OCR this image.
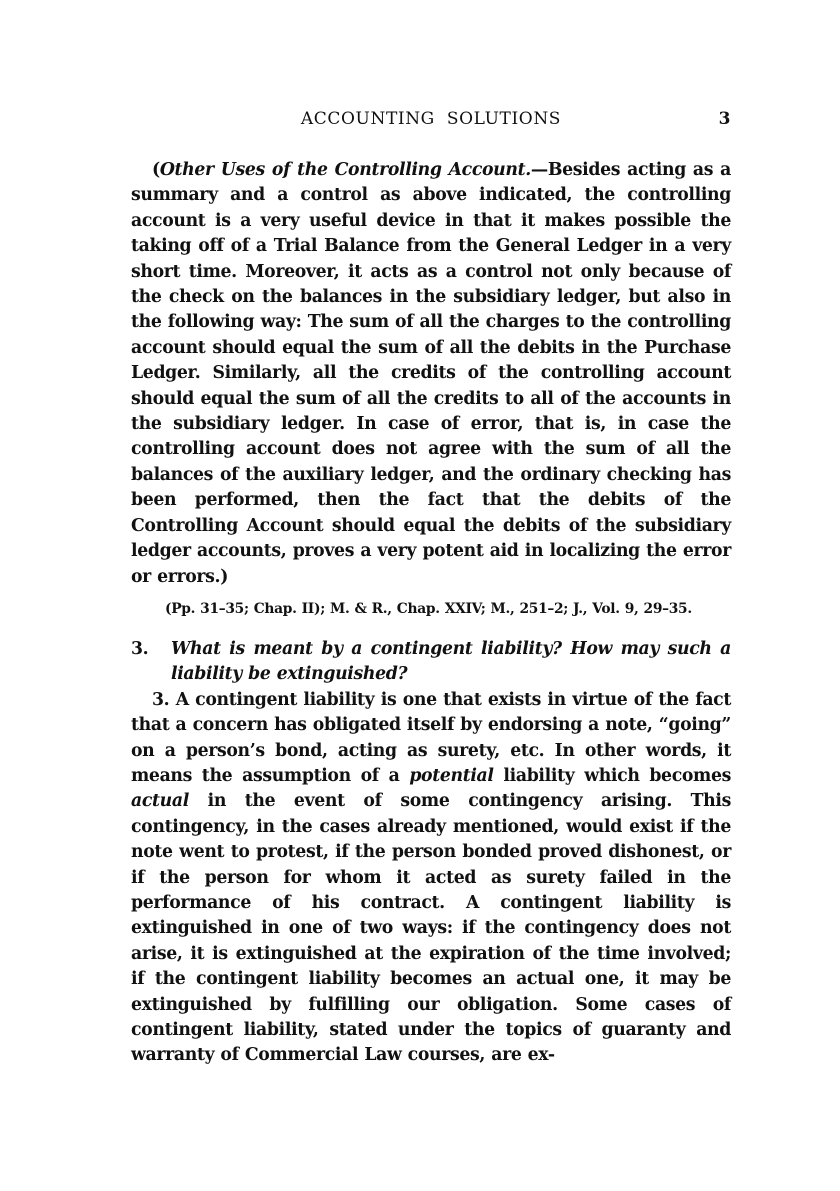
ACCOUNTING  SOLUTIONS	3

(Other Uses of the Controlling Account.—Besides acting as a summary and a control as above indicated, the controlling account is a very useful device in that it makes possible the taking off of a Trial Balance from the General Ledger in a very short time. Moreover, it acts as a control not only because of the check on the balances in the subsidiary ledger, but also in the following way: The sum of all the charges to the controlling account should equal the sum of all the debits in the Purchase Ledger. Similarly, all the credits of the controlling account should equal the sum of all the credits to all of the accounts in the subsidiary ledger. In case of error, that is, in case the controlling account does not agree with the sum of all the balances of the auxiliary ledger, and the ordinary checking has been performed, then the fact that the debits of the Controlling Account should equal the debits of the subsidiary ledger accounts, proves a very potent aid in localizing the error or errors.)

(Pp. 31–35; Chap. II); M. & R., Chap. XXIV; M., 251–2; J., Vol. 9, 29–35.

3. What is meant by a contingent liability? How may such a liability be extinguished?

3. A contingent liability is one that exists in virtue of the fact that a concern has obligated itself by endorsing a note, “going” on a person’s bond, acting as surety, etc. In other words, it means the assumption of a potential liability which becomes actual in the event of some contingency arising. This contingency, in the cases already mentioned, would exist if the note went to protest, if the person bonded proved dishonest, or if the person for whom it acted as surety failed in the performance of his contract. A contingent liability is extinguished in one of two ways: if the contingency does not arise, it is extinguished at the expiration of the time involved; if the contingent liability becomes an actual one, it may be extinguished by fulfilling our obligation. Some cases of contingent liability, stated under the topics of guaranty and warranty of Commercial Law courses, are ex-
